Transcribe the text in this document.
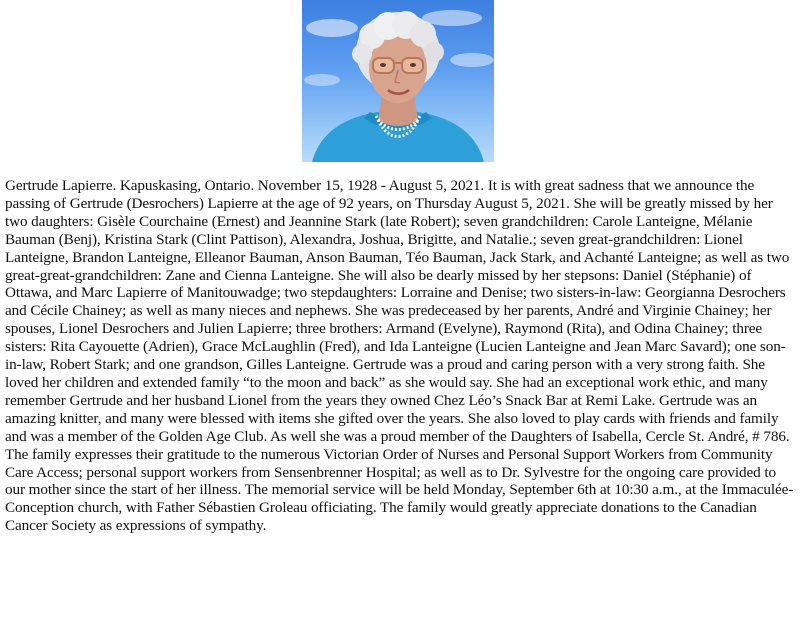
Gertrude Lapierre. Kapuskasing, Ontario. November 15, 1928 - August 5, 2021. It is with great sadness that we announce the passing of Gertrude (Desrochers) Lapierre at the age of 92 years, on Thursday August 5, 2021. She will be greatly missed by her two daughters: Gisèle Courchaine (Ernest) and Jeannine Stark (late Robert); seven grandchildren: Carole Lanteigne, Mélanie Bauman (Benj), Kristina Stark (Clint Pattison), Alexandra, Joshua, Brigitte, and Natalie.; seven great-grandchildren: Lionel Lanteigne, Brandon Lanteigne, Elleanor Bauman, Anson Bauman, Téo Bauman, Jack Stark, and Achanté Lanteigne; as well as two great-great-grandchildren: Zane and Cienna Lanteigne. She will also be dearly missed by her stepsons: Daniel (Stéphanie) of Ottawa, and Marc Lapierre of Manitouwadge; two stepdaughters: Lorraine and Denise; two sisters-in-law: Georgianna Desrochers and Cécile Chainey; as well as many nieces and nephews. She was predeceased by her parents, André and Virginie Chainey; her spouses, Lionel Desrochers and Julien Lapierre; three brothers: Armand (Evelyne), Raymond (Rita), and Odina Chainey; three sisters: Rita Cayouette (Adrien), Grace McLaughlin (Fred), and Ida Lanteigne (Lucien Lanteigne and Jean Marc Savard); one son-in-law, Robert Stark; and one grandson, Gilles Lanteigne. Gertrude was a proud and caring person with a very strong faith. She loved her children and extended family “to the moon and back” as she would say. She had an exceptional work ethic, and many remember Gertrude and her husband Lionel from the years they owned Chez Léo’s Snack Bar at Remi Lake. Gertrude was an amazing knitter, and many were blessed with items she gifted over the years. She also loved to play cards with friends and family and was a member of the Golden Age Club. As well she was a proud member of the Daughters of Isabella, Cercle St. André, # 786. The family expresses their gratitude to the numerous Victorian Order of Nurses and Personal Support Workers from Community Care Access; personal support workers from Sensenbrenner Hospital; as well as to Dr. Sylvestre for the ongoing care provided to our mother since the start of her illness. The memorial service will be held Monday, September 6th at 10:30 a.m., at the Immaculée-Conception church, with Father Sébastien Groleau officiating. The family would greatly appreciate donations to the Canadian Cancer Society as expressions of sympathy.
